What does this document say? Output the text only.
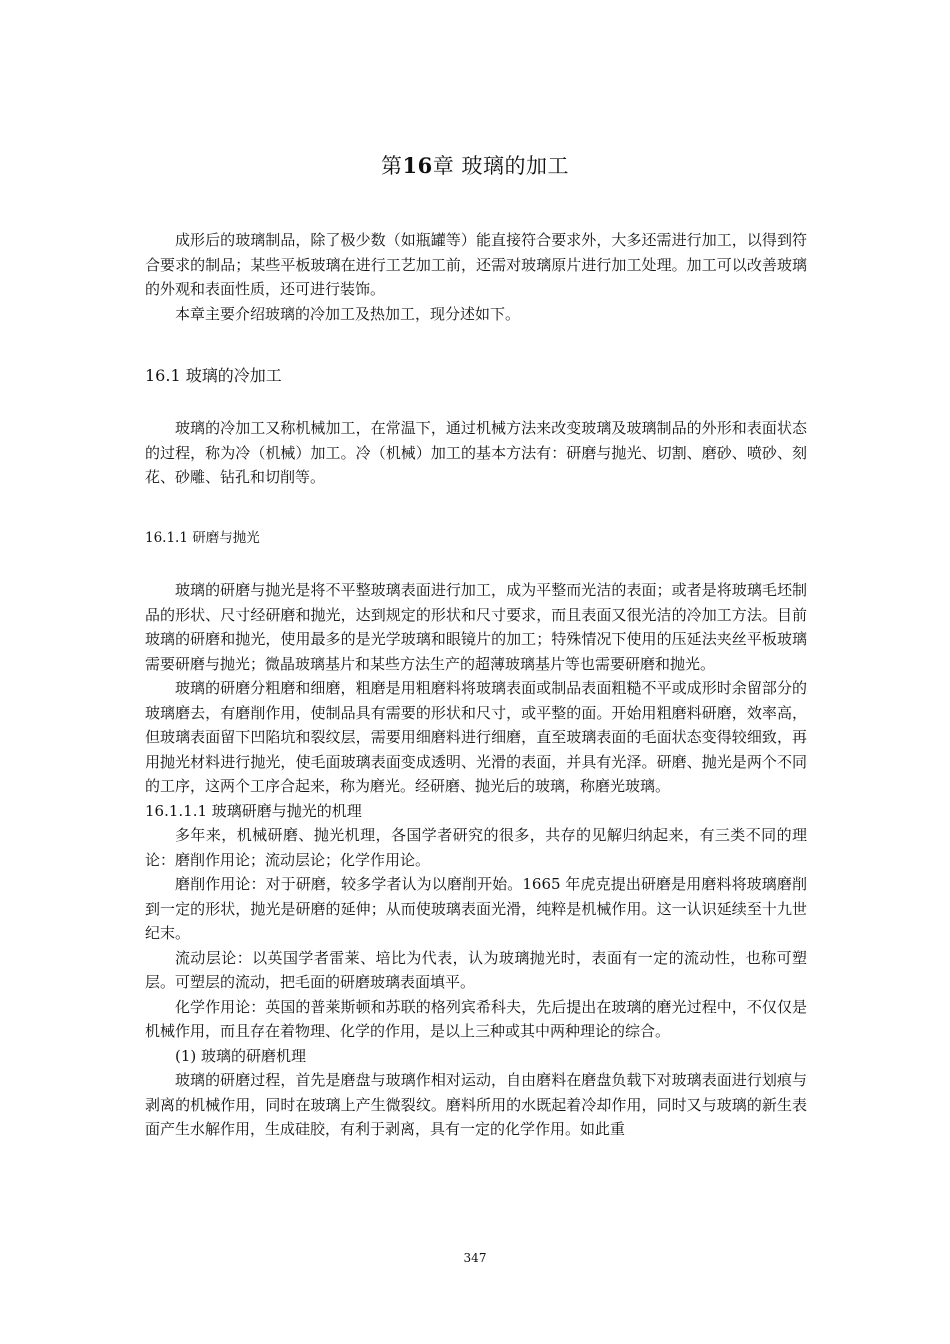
第16章 玻璃的加工

成形后的玻璃制品，除了极少数（如瓶罐等）能直接符合要求外，大多还需进行加工，以得到符合要求的制品；某些平板玻璃在进行工艺加工前，还需对玻璃原片进行加工处理。加工可以改善玻璃的外观和表面性质，还可进行装饰。

本章主要介绍玻璃的冷加工及热加工，现分述如下。

16.1 玻璃的冷加工

玻璃的冷加工又称机械加工，在常温下，通过机械方法来改变玻璃及玻璃制品的外形和表面状态的过程，称为冷（机械）加工。冷（机械）加工的基本方法有：研磨与抛光、切割、磨砂、喷砂、刻花、砂雕、钻孔和切削等。

16.1.1 研磨与抛光

玻璃的研磨与抛光是将不平整玻璃表面进行加工，成为平整而光洁的表面；或者是将玻璃毛坯制品的形状、尺寸经研磨和抛光，达到规定的形状和尺寸要求，而且表面又很光洁的冷加工方法。目前玻璃的研磨和抛光，使用最多的是光学玻璃和眼镜片的加工；特殊情况下使用的压延法夹丝平板玻璃需要研磨与抛光；微晶玻璃基片和某些方法生产的超薄玻璃基片等也需要研磨和抛光。

玻璃的研磨分粗磨和细磨，粗磨是用粗磨料将玻璃表面或制品表面粗糙不平或成形时余留部分的玻璃磨去，有磨削作用，使制品具有需要的形状和尺寸，或平整的面。开始用粗磨料研磨，效率高，但玻璃表面留下凹陷坑和裂纹层，需要用细磨料进行细磨，直至玻璃表面的毛面状态变得较细致，再用抛光材料进行抛光，使毛面玻璃表面变成透明、光滑的表面，并具有光泽。研磨、抛光是两个不同的工序，这两个工序合起来，称为磨光。经研磨、抛光后的玻璃，称磨光玻璃。

16.1.1.1 玻璃研磨与抛光的机理

多年来，机械研磨、抛光机理，各国学者研究的很多，共存的见解归纳起来，有三类不同的理论：磨削作用论；流动层论；化学作用论。

磨削作用论：对于研磨，较多学者认为以磨削开始。1665 年虎克提出研磨是用磨料将玻璃磨削到一定的形状，抛光是研磨的延伸；从而使玻璃表面光滑，纯粹是机械作用。这一认识延续至十九世纪末。

流动层论：以英国学者雷莱、培比为代表，认为玻璃抛光时，表面有一定的流动性，也称可塑层。可塑层的流动，把毛面的研磨玻璃表面填平。

化学作用论：英国的普莱斯顿和苏联的格列宾希科夫，先后提出在玻璃的磨光过程中，不仅仅是机械作用，而且存在着物理、化学的作用，是以上三种或其中两种理论的综合。

(1) 玻璃的研磨机理

玻璃的研磨过程，首先是磨盘与玻璃作相对运动，自由磨料在磨盘负载下对玻璃表面进行划痕与剥离的机械作用，同时在玻璃上产生微裂纹。磨料所用的水既起着冷却作用，同时又与玻璃的新生表面产生水解作用，生成硅胶，有利于剥离，具有一定的化学作用。如此重

347
